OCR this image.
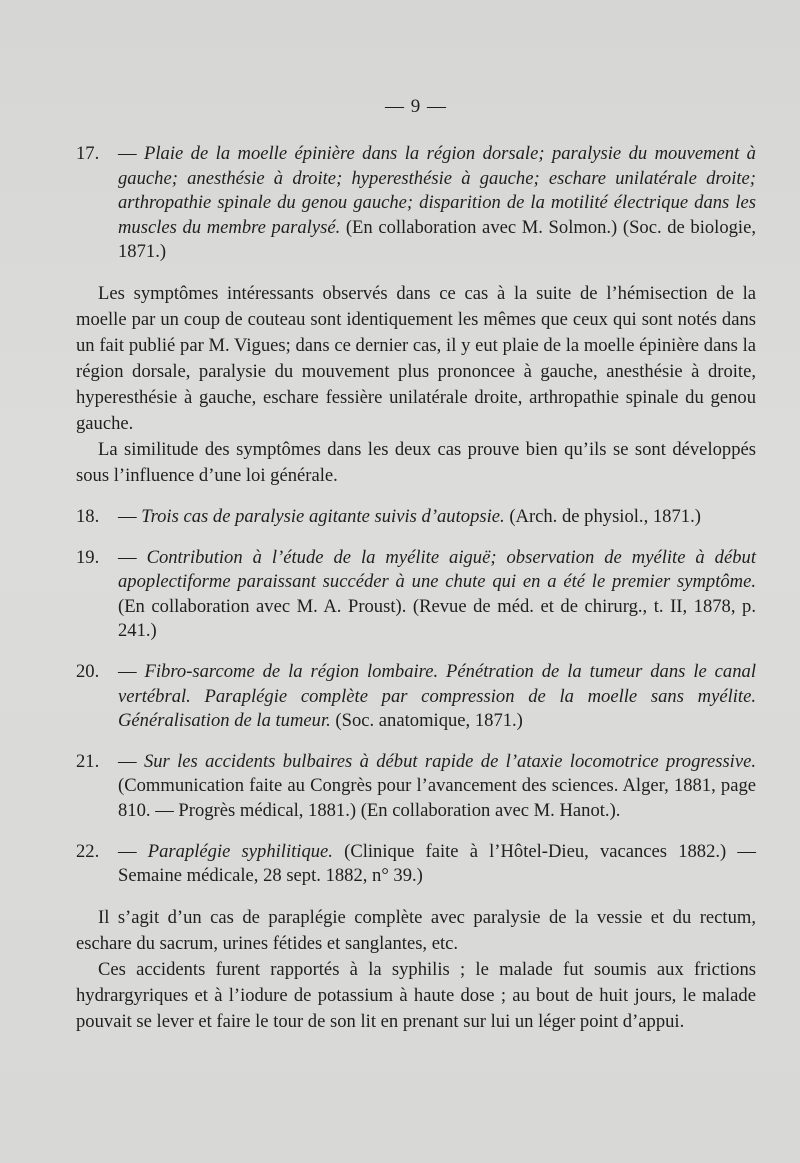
— 9 —

17. — Plaie de la moelle épinière dans la région dorsale; paralysie du mouvement à gauche; anesthésie à droite; hyperesthésie à gauche; eschare unilatérale droite; arthropathie spinale du genou gauche; disparition de la motilité électrique dans les muscles du membre paralysé. (En collaboration avec M. Solmon.) (Soc. de biologie, 1871.)

Les symptômes intéressants observés dans ce cas à la suite de l’hémisection de la moelle par un coup de couteau sont identiquement les mêmes que ceux qui sont notés dans un fait publié par M. Vigues; dans ce dernier cas, il y eut plaie de la moelle épinière dans la région dorsale, paralysie du mouvement plus prononcee à gauche, anesthésie à droite, hyperesthésie à gauche, eschare fessière unilatérale droite, arthropathie spinale du genou gauche.

La similitude des symptômes dans les deux cas prouve bien qu’ils se sont développés sous l’influence d’une loi générale.

18. — Trois cas de paralysie agitante suivis d’autopsie. (Arch. de physiol., 1871.)

19. — Contribution à l’étude de la myélite aiguë; observation de myélite à début apoplectiforme paraissant succéder à une chute qui en a été le premier symptôme. (En collaboration avec M. A. Proust). (Revue de méd. et de chirurg., t. II, 1878, p. 241.)

20. — Fibro-sarcome de la région lombaire. Pénétration de la tumeur dans le canal vertébral. Paraplégie complète par compression de la moelle sans myélite. Généralisation de la tumeur. (Soc. anatomique, 1871.)

21. — Sur les accidents bulbaires à début rapide de l’ataxie locomotrice progressive. (Communication faite au Congrès pour l’avancement des sciences. Alger, 1881, page 810. — Progrès médical, 1881.) (En collaboration avec M. Hanot.).

22. — Paraplégie syphilitique. (Clinique faite à l’Hôtel-Dieu, vacances 1882.) — Semaine médicale, 28 sept. 1882, n° 39.)

Il s’agit d’un cas de paraplégie complète avec paralysie de la vessie et du rectum, eschare du sacrum, urines fétides et sanglantes, etc.

Ces accidents furent rapportés à la syphilis ; le malade fut soumis aux frictions hydrargyriques et à l’iodure de potassium à haute dose ; au bout de huit jours, le malade pouvait se lever et faire le tour de son lit en prenant sur lui un léger point d’appui.
